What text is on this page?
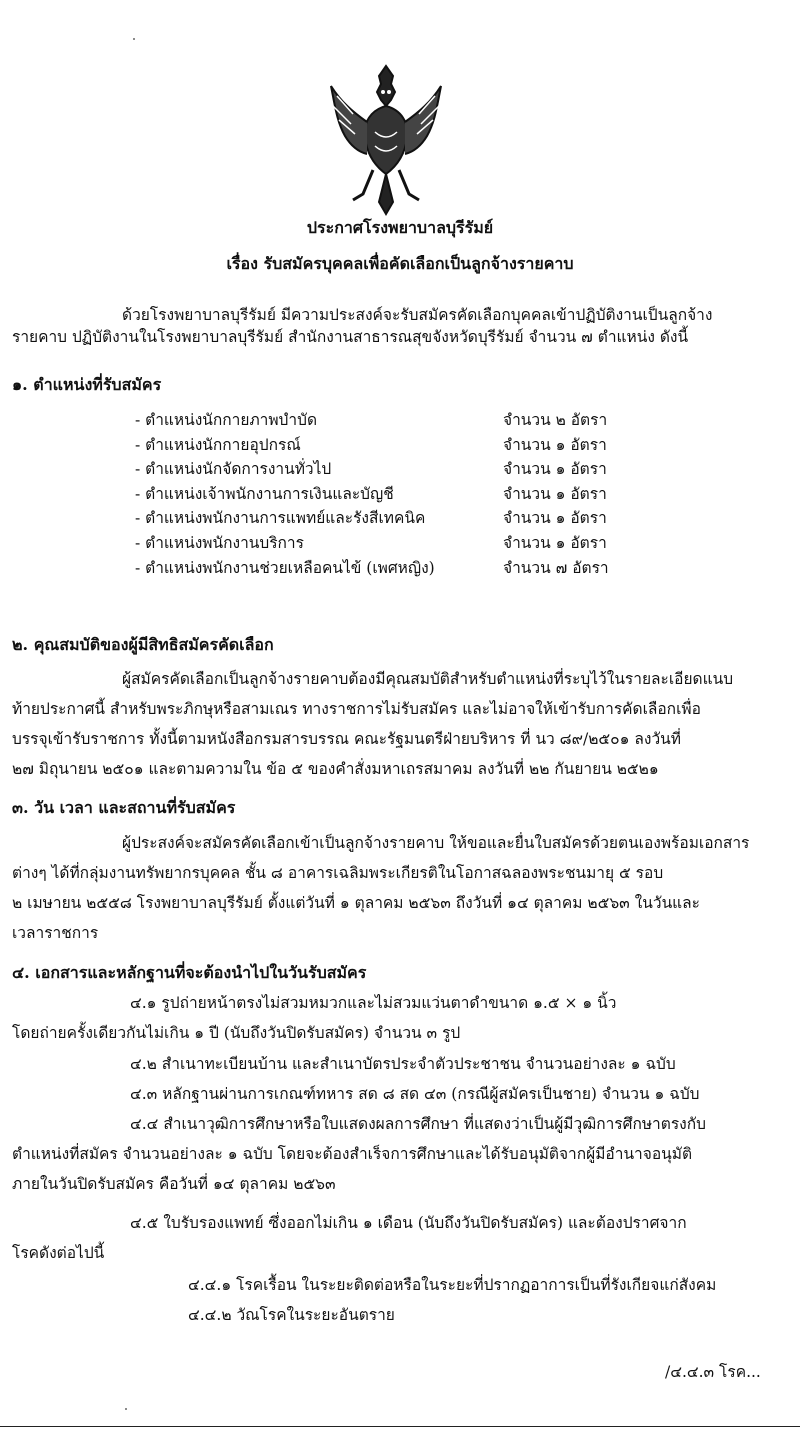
ประกาศโรงพยาบาลบุรีรัมย์
เรื่อง รับสมัครบุคคลเพื่อคัดเลือกเป็นลูกจ้างรายคาบ
ด้วยโรงพยาบาลบุรีรัมย์ มีความประสงค์จะรับสมัครคัดเลือกบุคคลเข้าปฏิบัติงานเป็นลูกจ้าง
รายคาบ ปฏิบัติงานในโรงพยาบาลบุรีรัมย์ สำนักงานสาธารณสุขจังหวัดบุรีรัมย์ จำนวน ๗ ตำแหน่ง ดังนี้
๑. ตำแหน่งที่รับสมัคร
- ตำแหน่งนักกายภาพบำบัด	จำนวน ๒ อัตรา
- ตำแหน่งนักกายอุปกรณ์	จำนวน ๑ อัตรา
- ตำแหน่งนักจัดการงานทั่วไป	จำนวน ๑ อัตรา
- ตำแหน่งเจ้าพนักงานการเงินและบัญชี	จำนวน ๑ อัตรา
- ตำแหน่งพนักงานการแพทย์และรังสีเทคนิค	จำนวน ๑ อัตรา
- ตำแหน่งพนักงานบริการ	จำนวน ๑ อัตรา
- ตำแหน่งพนักงานช่วยเหลือคนไข้ (เพศหญิง)	จำนวน ๗ อัตรา
๒. คุณสมบัติของผู้มีสิทธิสมัครคัดเลือก
ผู้สมัครคัดเลือกเป็นลูกจ้างรายคาบต้องมีคุณสมบัติสำหรับตำแหน่งที่ระบุไว้ในรายละเอียดแนบ
ท้ายประกาศนี้ สำหรับพระภิกษุหรือสามเณร ทางราชการไม่รับสมัคร และไม่อาจให้เข้ารับการคัดเลือกเพื่อ
บรรจุเข้ารับราชการ ทั้งนี้ตามหนังสือกรมสารบรรณ คณะรัฐมนตรีฝ่ายบริหาร ที่ นว ๘๙/๒๕๐๑ ลงวันที่
๒๗ มิถุนายน ๒๕๐๑ และตามความใน ข้อ ๕ ของคำสั่งมหาเถรสมาคม ลงวันที่ ๒๒ กันยายน ๒๕๒๑
๓. วัน เวลา และสถานที่รับสมัคร
ผู้ประสงค์จะสมัครคัดเลือกเข้าเป็นลูกจ้างรายคาบ ให้ขอและยื่นใบสมัครด้วยตนเองพร้อมเอกสาร
ต่างๆ ได้ที่กลุ่มงานทรัพยากรบุคคล ชั้น ๘ อาคารเฉลิมพระเกียรติในโอกาสฉลองพระชนมายุ ๕ รอบ
๒ เมษายน ๒๕๕๘ โรงพยาบาลบุรีรัมย์ ตั้งแต่วันที่ ๑ ตุลาคม ๒๕๖๓ ถึงวันที่ ๑๔ ตุลาคม ๒๕๖๓ ในวันและ
เวลาราชการ
๔. เอกสารและหลักฐานที่จะต้องนำไปในวันรับสมัคร
๔.๑ รูปถ่ายหน้าตรงไม่สวมหมวกและไม่สวมแว่นตาดำขนาด ๑.๕ × ๑ นิ้ว
โดยถ่ายครั้งเดียวกันไม่เกิน ๑ ปี (นับถึงวันปิดรับสมัคร) จำนวน ๓ รูป
๔.๒ สำเนาทะเบียนบ้าน และสำเนาบัตรประจำตัวประชาชน จำนวนอย่างละ ๑ ฉบับ
๔.๓ หลักฐานผ่านการเกณฑ์ทหาร สด ๘ สด ๔๓ (กรณีผู้สมัครเป็นชาย) จำนวน ๑ ฉบับ
๔.๔ สำเนาวุฒิการศึกษาหรือใบแสดงผลการศึกษา ที่แสดงว่าเป็นผู้มีวุฒิการศึกษาตรงกับ
ตำแหน่งที่สมัคร จำนวนอย่างละ ๑ ฉบับ โดยจะต้องสำเร็จการศึกษาและได้รับอนุมัติจากผู้มีอำนาจอนุมัติ
ภายในวันปิดรับสมัคร คือวันที่ ๑๔ ตุลาคม ๒๕๖๓
๔.๕ ใบรับรองแพทย์ ซึ่งออกไม่เกิน ๑ เดือน (นับถึงวันปิดรับสมัคร) และต้องปราศจาก
โรคดังต่อไปนี้
๔.๔.๑ โรคเรื้อน ในระยะติดต่อหรือในระยะที่ปรากฏอาการเป็นที่รังเกียจแก่สังคม
๔.๔.๒ วัณโรคในระยะอันตราย
/๔.๔.๓ โรค...
